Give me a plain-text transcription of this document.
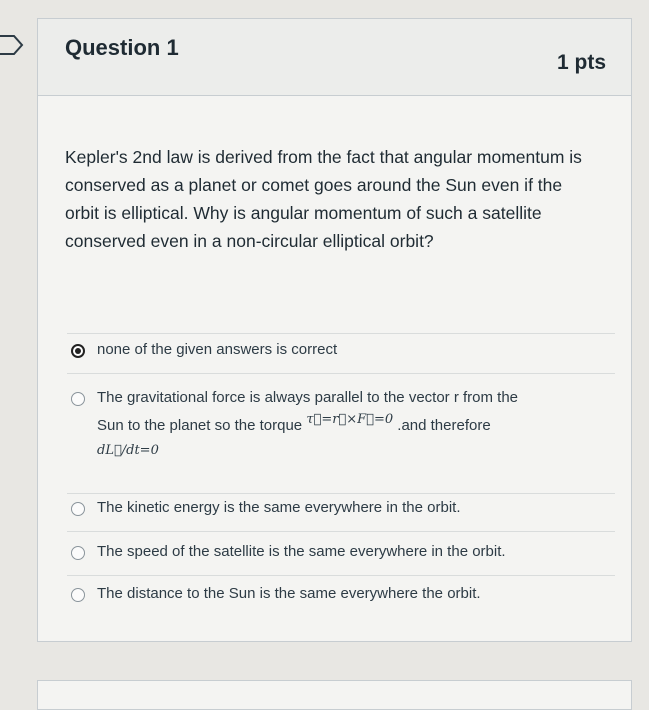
Question 1
1 pts
Kepler's 2nd law is derived from the fact that angular momentum is conserved as a planet or comet goes around the Sun even if the orbit is elliptical. Why is angular momentum of such a satellite conserved even in a non-circular elliptical orbit?
none of the given answers is correct
The gravitational force is always parallel to the vector r from the
Sun to the planet so the torque τ⃗=r⃗×F⃗=0 .and therefore
dL⃗/dt=0
The kinetic energy is the same everywhere in the orbit.
The speed of the satellite is the same everywhere in the orbit.
The distance to the Sun is the same everywhere the orbit.
